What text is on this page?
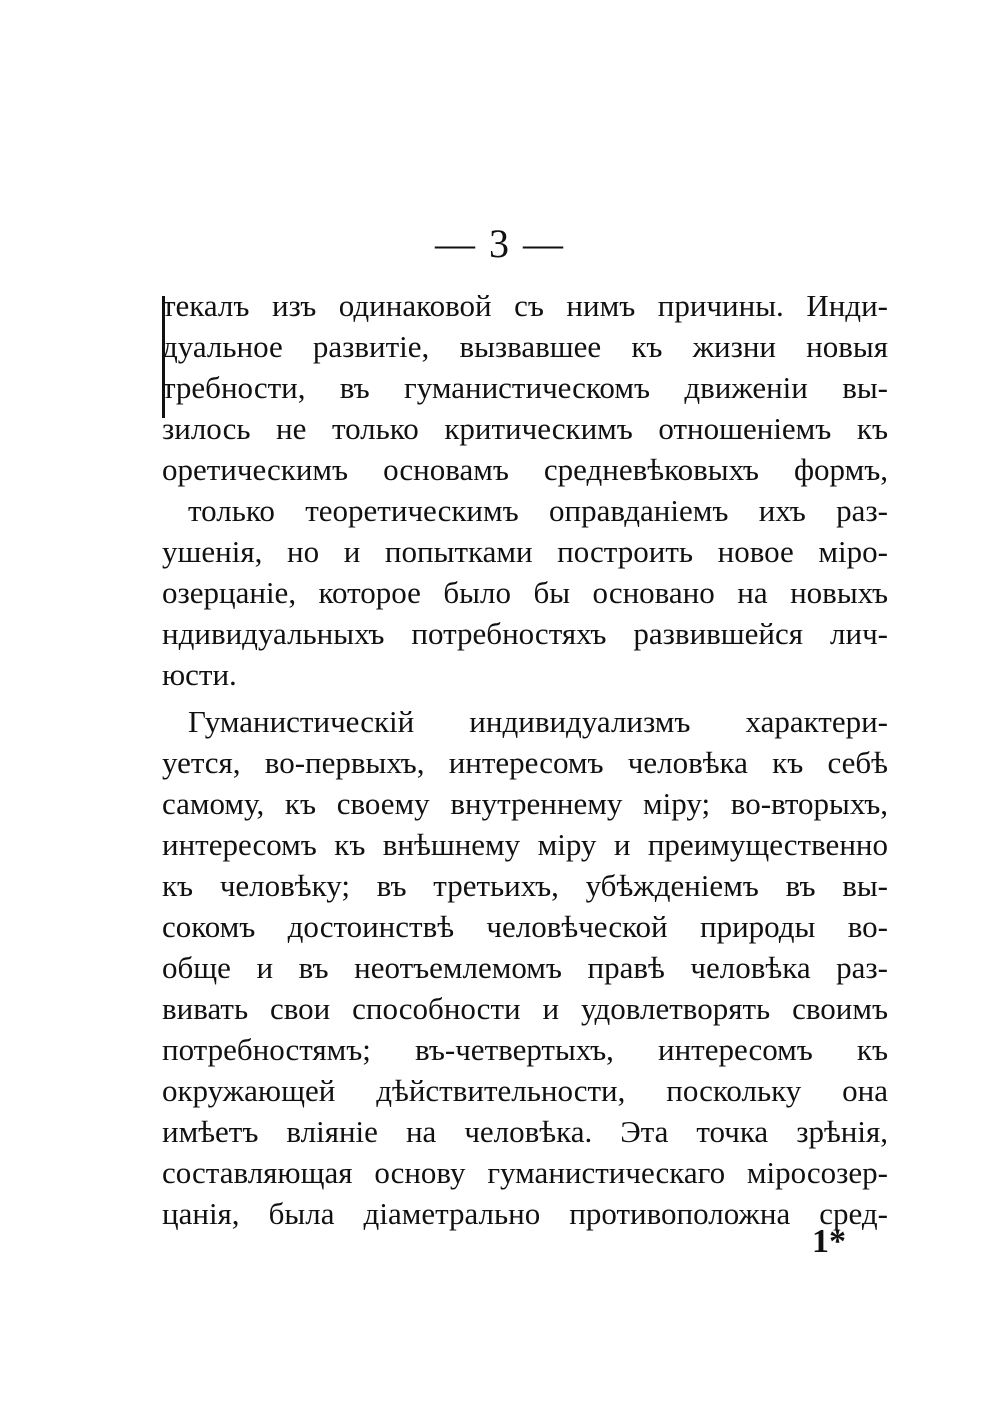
— 3 —
текалъ изъ одинаковой съ нимъ причины. Инди-
дуальное развитіе, вызвавшее къ жизни новыя
требности, въ гуманистическомъ движеніи вы-
зилось не только критическимъ отношеніемъ къ
оретическимъ основамъ средневѣковыхъ формъ,
только теоретическимъ оправданіемъ ихъ раз-
ушенія, но и попытками построить новое міро-
озерцаніе, которое было бы основано на новыхъ
ндивидуальныхъ потребностяхъ развившейся лич-
юсти.
Гуманистическій индивидуализмъ характери-
уется, во-первыхъ, интересомъ человѣка къ себѣ
самому, къ своему внутреннему міру; во-вторыхъ,
интересомъ къ внѣшнему міру и преимущественно
къ человѣку; въ третьихъ, убѣжденіемъ въ вы-
сокомъ достоинствѣ человѣческой природы во-
обще и въ неотъемлемомъ правѣ человѣка раз-
вивать свои способности и удовлетворять своимъ
потребностямъ; въ-четвертыхъ, интересомъ къ
окружающей дѣйствительности, поскольку она
имѣетъ вліяніе на человѣка. Эта точка зрѣнія,
составляющая основу гуманистическаго міросозер-
цанія, была діаметрально противоположна сред-
1*
